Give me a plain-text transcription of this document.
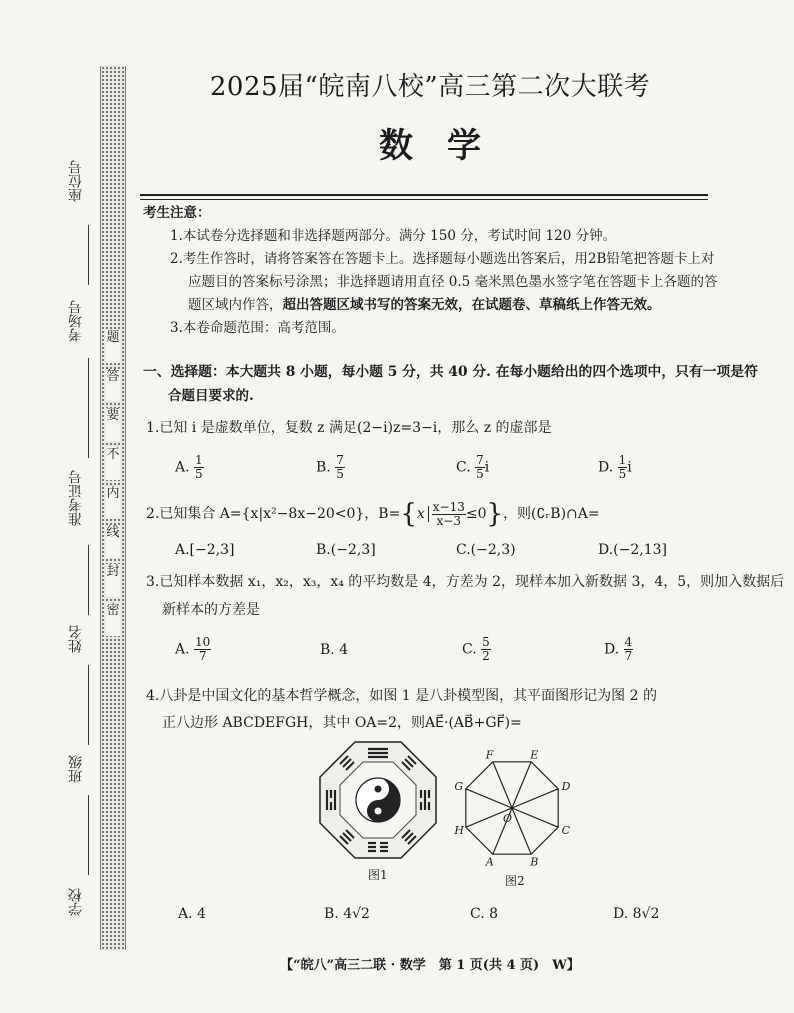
题
答
要
不
内
线
封
密
座位号
考场号
准考证号
姓名
班级
学校
2025届“皖南八校”高三第二次大联考
数学
考生注意：
1.本试卷分选择题和非选择题两部分。满分 150 分，考试时间 120 分钟。
2.考生作答时，请将答案答在答题卡上。选择题每小题选出答案后，用2B铅笔把答题卡上对
应题目的答案标号涂黑；非选择题请用直径 0.5 毫米黑色墨水签字笔在答题卡上各题的答
题区域内作答，超出答题区域书写的答案无效，在试题卷、草稿纸上作答无效。
3.本卷命题范围：高考范围。
一、选择题：本大题共 8 小题，每小题 5 分，共 40 分. 在每小题给出的四个选项中，只有一项是符
合题目要求的.
1.已知 i 是虚数单位，复数 z 满足(2−i)z=3−i，那么 z 的虚部是
A. $\frac{1}{5}$	B. $\frac{7}{5}$	C. $\frac{7}{5}$ i	D. $\frac{1}{5}$ i
2.已知集合 A={x|x²−8x−20<0}，$B=\{x \frac{x-13}{x-3} \le 0\}$，则(∁ᵣB)∩A=
A.[−2,3]	B.(−2,3]	C.(−2,3)	D.(−2,13]
3.已知样本数据 x₁，x₂，x₃，x₄ 的平均数是 4，方差为 2，现样本加入新数据 3，4，5，则加入数据后
新样本的方差是
A. $\frac{10}{7}$	B. 4	C. $\frac{5}{2}$	D. $\frac{4}{7}$
4.八卦是中国文化的基本哲学概念，如图 1 是八卦模型图，其平面图形记为图 2 的
正八边形 ABCDEFGH，其中 OA=2，则AE⃗·(AB⃗+GF⃗)=
图1
A	B
C
D
E
F
G
H
O
图2
A. 4	B. 4√2	C. 8	D. 8√2
【“皖八”高三二联 · 数学　第 1 页(共 4 页)　W】
